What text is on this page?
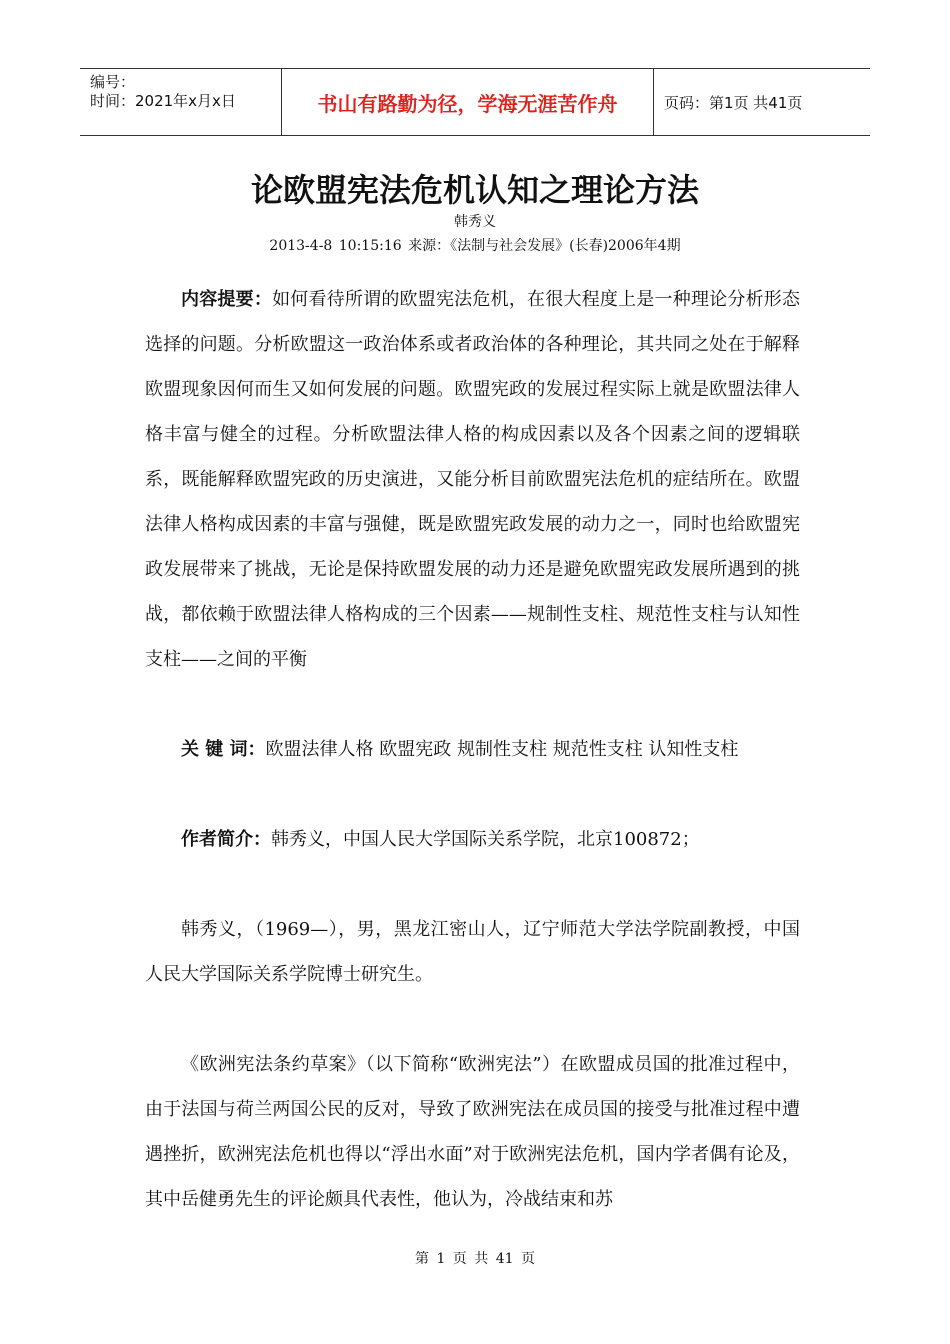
编号：
时间：2021年x月x日	书山有路勤为径，学海无涯苦作舟	页码：第1页 共41页
论欧盟宪法危机认知之理论方法
韩秀义
2013-4-8 10:15:16 来源：《法制与社会发展》(长春)2006年4期

内容提要：如何看待所谓的欧盟宪法危机，在很大程度上是一种理论分析形态选择的问题。分析欧盟这一政治体系或者政治体的各种理论，其共同之处在于解释欧盟现象因何而生又如何发展的问题。欧盟宪政的发展过程实际上就是欧盟法律人格丰富与健全的过程。分析欧盟法律人格的构成因素以及各个因素之间的逻辑联系，既能解释欧盟宪政的历史演进，又能分析目前欧盟宪法危机的症结所在。欧盟法律人格构成因素的丰富与强健，既是欧盟宪政发展的动力之一，同时也给欧盟宪政发展带来了挑战，无论是保持欧盟发展的动力还是避免欧盟宪政发展所遇到的挑战，都依赖于欧盟法律人格构成的三个因素——规制性支柱、规范性支柱与认知性支柱——之间的平衡

关 键 词：欧盟法律人格 欧盟宪政 规制性支柱 规范性支柱 认知性支柱

作者简介：韩秀义，中国人民大学国际关系学院，北京100872；

韩秀义，（1969—），男，黑龙江密山人，辽宁师范大学法学院副教授，中国人民大学国际关系学院博士研究生。

《欧洲宪法条约草案》（以下简称“欧洲宪法”）在欧盟成员国的批准过程中，由于法国与荷兰两国公民的反对，导致了欧洲宪法在成员国的接受与批准过程中遭遇挫折，欧洲宪法危机也得以“浮出水面”对于欧洲宪法危机，国内学者偶有论及，其中岳健勇先生的评论颇具代表性，他认为，冷战结束和苏

第 1 页 共 41 页
